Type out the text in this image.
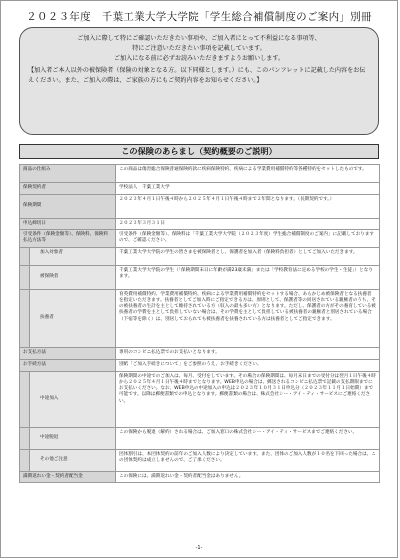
２０２３年度　千葉工業大学大学院「学生総合補償制度のご案内」別冊
ご加入に際して特にご確認いただきたい事項や、ご加入者にとって不利益になる事項等、
特にご注意いただきたい事項を記載しています。
ご加入になる前に必ずお読みいただきますようお願いします。
【加入者ご本人以外の被保険者（保険の対象となる方。以下同様とします。）にも、このパンフレットに記載した内容をお伝えください。また、ご加入の際は、ご家族の方にもご契約内容をお知らせください。】
この保険のあらまし（契約概要のご説明）
商品の仕組み		この商品は傷害総合保険普通保険約款に疾病保険特約、疾病による学業費用補償特約等各種特約をセットしたものです。
保険契約者		学校法人　千葉工業大学
保険期間		２０２３年４月１日午後４時から２０２５年４月１日午後４時まで２年間となります。（長期契約です。）
申込締切日		２０２３年３月３１日
引受条件（保険金額等）、保険料、保険料払込方法等		引受条件（保険金額等）、保険料は「千葉工業大学大学院（２０２３年度）学生総合補償制度のご案内」に記載しておりますので、ご確認ください。
	加入対象者	千葉工業大学大学院の学生の皆さまを被保険者とし、保護者を加入者（保険料負担者）としてご加入いただきます。
	被保険者	千葉工業大学大学院の学生（「保険期間末日に年齢が満23歳未満」または「学校教育法に定める学校の学生・生徒」）となります。
	扶養者	育英費用補償特約、学業費用補償特約、疾病による学業費用補償特約をセットする場合、あらかじめ被保険者となる扶養者を指定いただきます。扶養者としてご加入時にご指定できる方は、原則として、保護者等の同居されている親権者のうち、その被扶養者の生計を主として維持されている方（収入の最も多い方）となります。ただし、保護者の方がその養育している被扶養者の学費を主として負担していない場合は、その学費を主として負担している被扶養者の親権者と別居されている場合（下宿等を除く）は、別居しておられても被扶養者を扶養されている方は扶養者としてご指定できます。
お支払方法		専用のコンビニ払込票でのお支払いとなります。
お手続方法		別紙「ご加入手続きについて」をご参照のうえ、お手続きください。
	中途加入	保険期間の中途でのご加入は、毎月、受付をしています。その場合の保険期間は、毎月末日までの受付分は翌月１日午後４時から２０２５年４月１日午後４時までとなります。WEB申込の場合は、郵送されるコンビニ払込票で記載の支払期限までにお支払いください。なお、WEB申込の中途加入の申込は２０２３年１０月３１日申込分（２０２３年１１月１日始期）まで可能です。以降は郵便書類での申込となります。郵便書類の場合は、株式会社シー・アイ・ティ・サービスにご連絡ください。
	中途脱退	この保険から脱退（解約）される場合は、ご加入窓口の株式会社シー・アイ・ティ・サービスまでご連絡ください。
	その他ご注意	団体割引は、本団体契約の前年のご加入人数により決定しています。また、団体のご加入人数が１０名を下回った場合は、この団体契約は成立しませんので、ご了承ください。
満期返れい金・契約者配当金		この保険には、満期返れい金・契約者配当金はありません。
-1-
